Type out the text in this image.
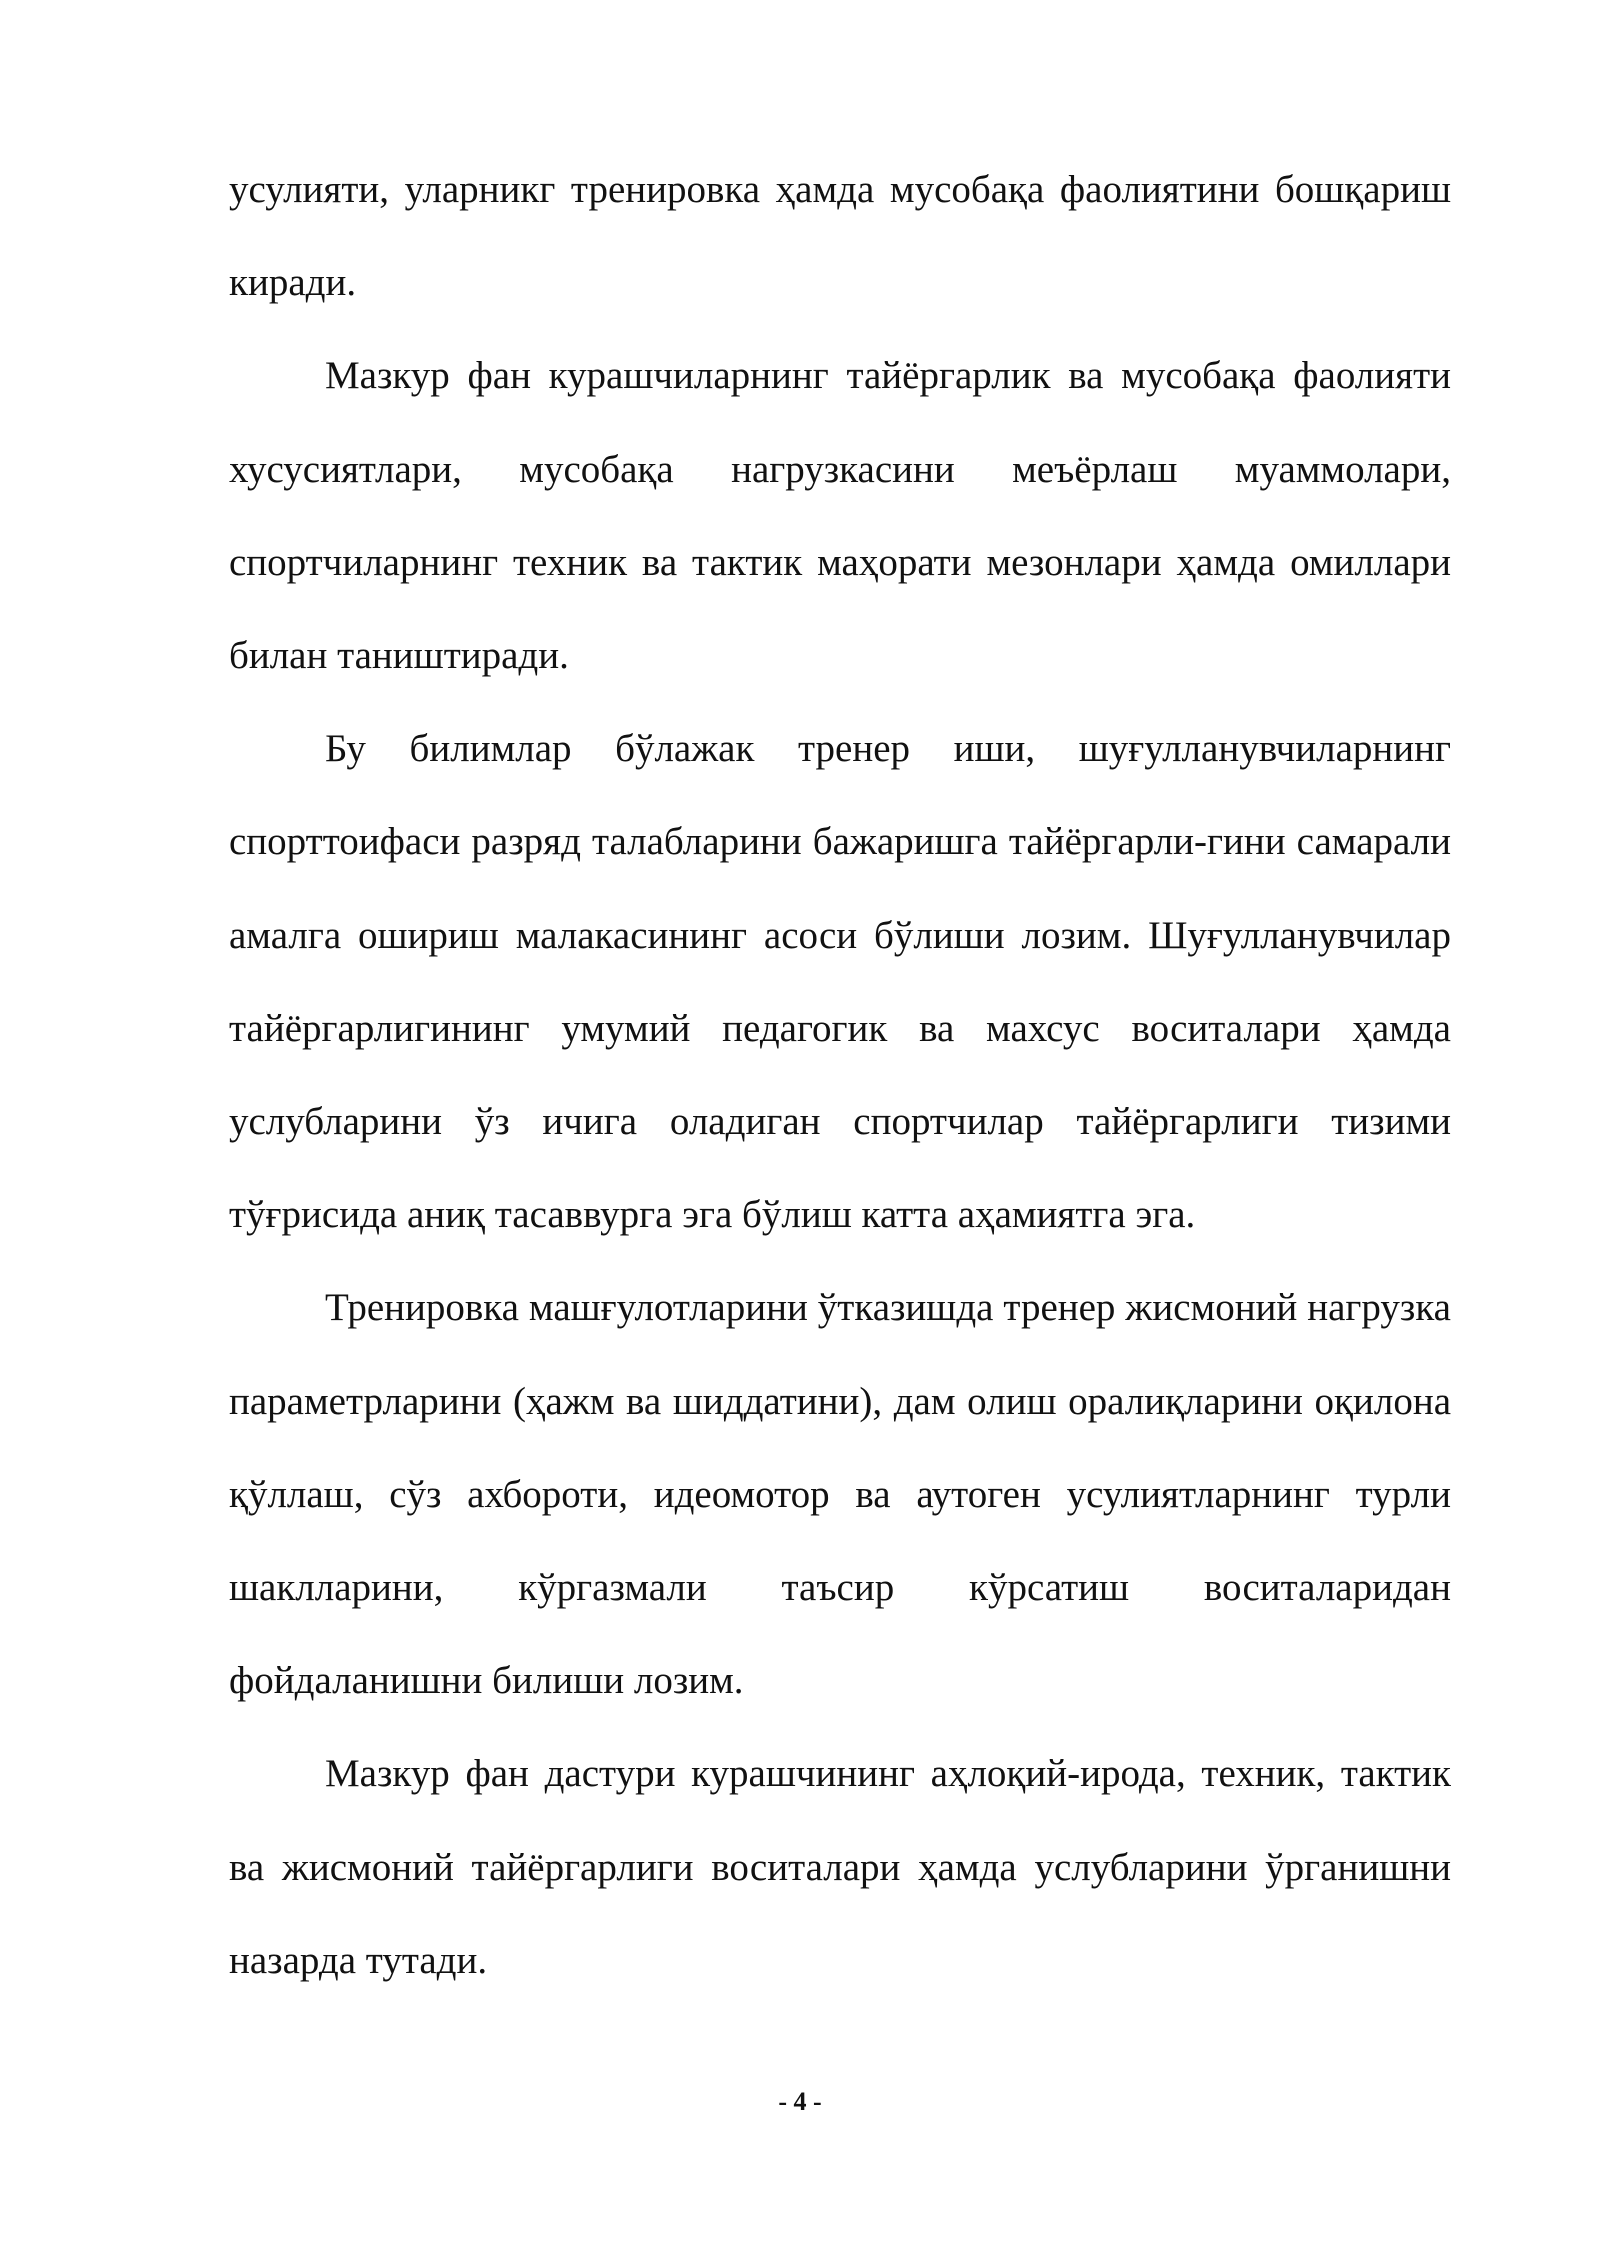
усулияти, уларникг тренировка ҳамда мусобақа фаолиятини бошқариш киради.

Мазкур фан курашчиларнинг тайёргарлик ва мусобақа фаолияти хусусиятлари, мусобақа нагрузкасини меъёрлаш муаммолари, спортчиларнинг техник ва тактик маҳорати мезонлари ҳамда омиллари билан таништиради.

Бу билимлар бўлажак тренер иши, шуғулланувчиларнинг спорттоифаси разряд талабларини бажаришга тайёргарли-гини самарали амалга ошириш малакасининг асоси бўлиши лозим. Шуғулланувчилар тайёргарлигининг умумий педагогик ва махсус воситалари ҳамда услубларини ўз ичига оладиган спортчилар тайёргарлиги тизими тўғрисида аниқ тасаввурга эга бўлиш катта аҳамиятга эга.

Тренировка машғулотларини ўтказишда тренер жисмоний нагрузка параметрларини (ҳажм ва шиддатини), дам олиш оралиқларини оқилона қўллаш, сўз ахбороти, идеомотор ва аутоген усулиятларнинг турли шаклларини, кўргазмали таъсир кўрсатиш воситаларидан фойдаланишни билиши лозим.

Мазкур фан дастури курашчининг аҳлоқий-ирода, техник, тактик ва жисмоний тайёргарлиги воситалари ҳамда услубларини ўрганишни назарда тутади.

- 4 -
